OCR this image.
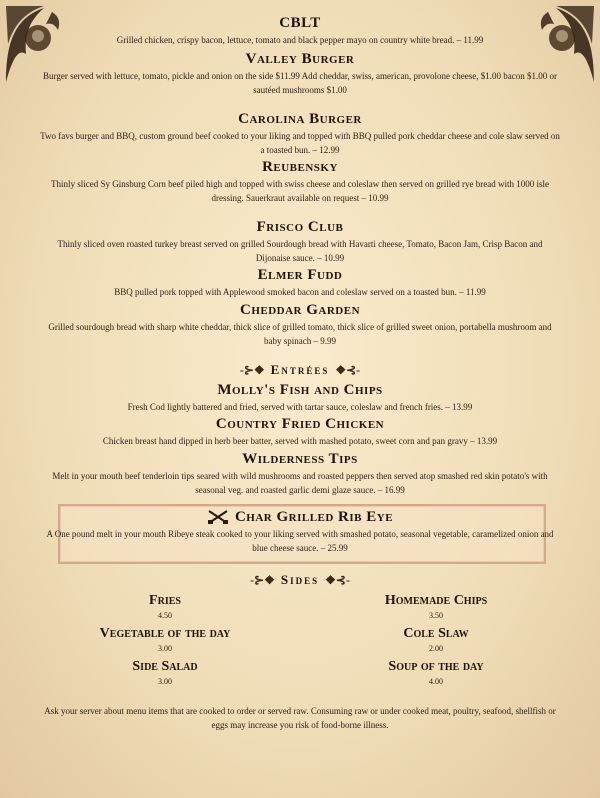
CBLT
Grilled chicken, crispy bacon, lettuce, tomato and black pepper mayo on country white bread. – 11.99
Valley Burger
Burger served with lettuce, tomato, pickle and onion on the side $11.99 Add cheddar, swiss, american, provolone cheese, $1.00 bacon $1.00 or sautéed mushrooms $1.00
Carolina Burger
Two favs burger and BBQ, custom ground beef cooked to your liking and topped with BBQ pulled pork cheddar cheese and cole slaw served on a toasted bun. – 12.99
Reubensky
Thinly sliced Sy Ginsburg Corn beef piled high and topped with swiss cheese and coleslaw then served on grilled rye bread with 1000 isle dressing. Sauerkraut available on request – 10.99
Frisco Club
Thinly sliced oven roasted turkey breast served on grilled Sourdough bread with Havarti cheese, Tomato, Bacon Jam, Crisp Bacon and Dijonaise sauce. – 10.99
Elmer Fudd
BBQ pulled pork topped with Applewood smoked bacon and coleslaw served on a toasted bun. – 11.99
Cheddar Garden
Grilled sourdough bread with sharp white cheddar, thick slice of grilled tomato, thick slice of grilled sweet onion, portabella mushroom and baby spinach – 9.99
-⊱❖ Entrées ❖⊰-
Molly's Fish and Chips
Fresh Cod lightly battered and fried, served with tartar sauce, coleslaw and french fries. – 13.99
Country Fried Chicken
Chicken breast hand dipped in herb beer batter, served with mashed potato, sweet corn and pan gravy – 13.99
Wilderness Tips
Melt in your mouth beef tenderloin tips seared with wild mushrooms and roasted peppers then served atop smashed red skin potato's with seasonal veg. and roasted garlic demi glaze sauce. – 16.99
Char Grilled Rib Eye
A One pound melt in your mouth Ribeye steak cooked to your liking served with smashed potato, seasonal vegetable, caramelized onion and blue cheese sauce. – 25.99
-⊱❖ Sides ❖⊰-
Fries
4.50
Vegetable of the day
3.00
Side Salad
3.00
Homemade Chips
3.50
Cole Slaw
2.00
Soup of the day
4.00
Ask your server about menu items that are cooked to order or served raw. Consuming raw or under cooked meat, poultry, seafood, shellfish or eggs may increase you risk of food-borne illness.
